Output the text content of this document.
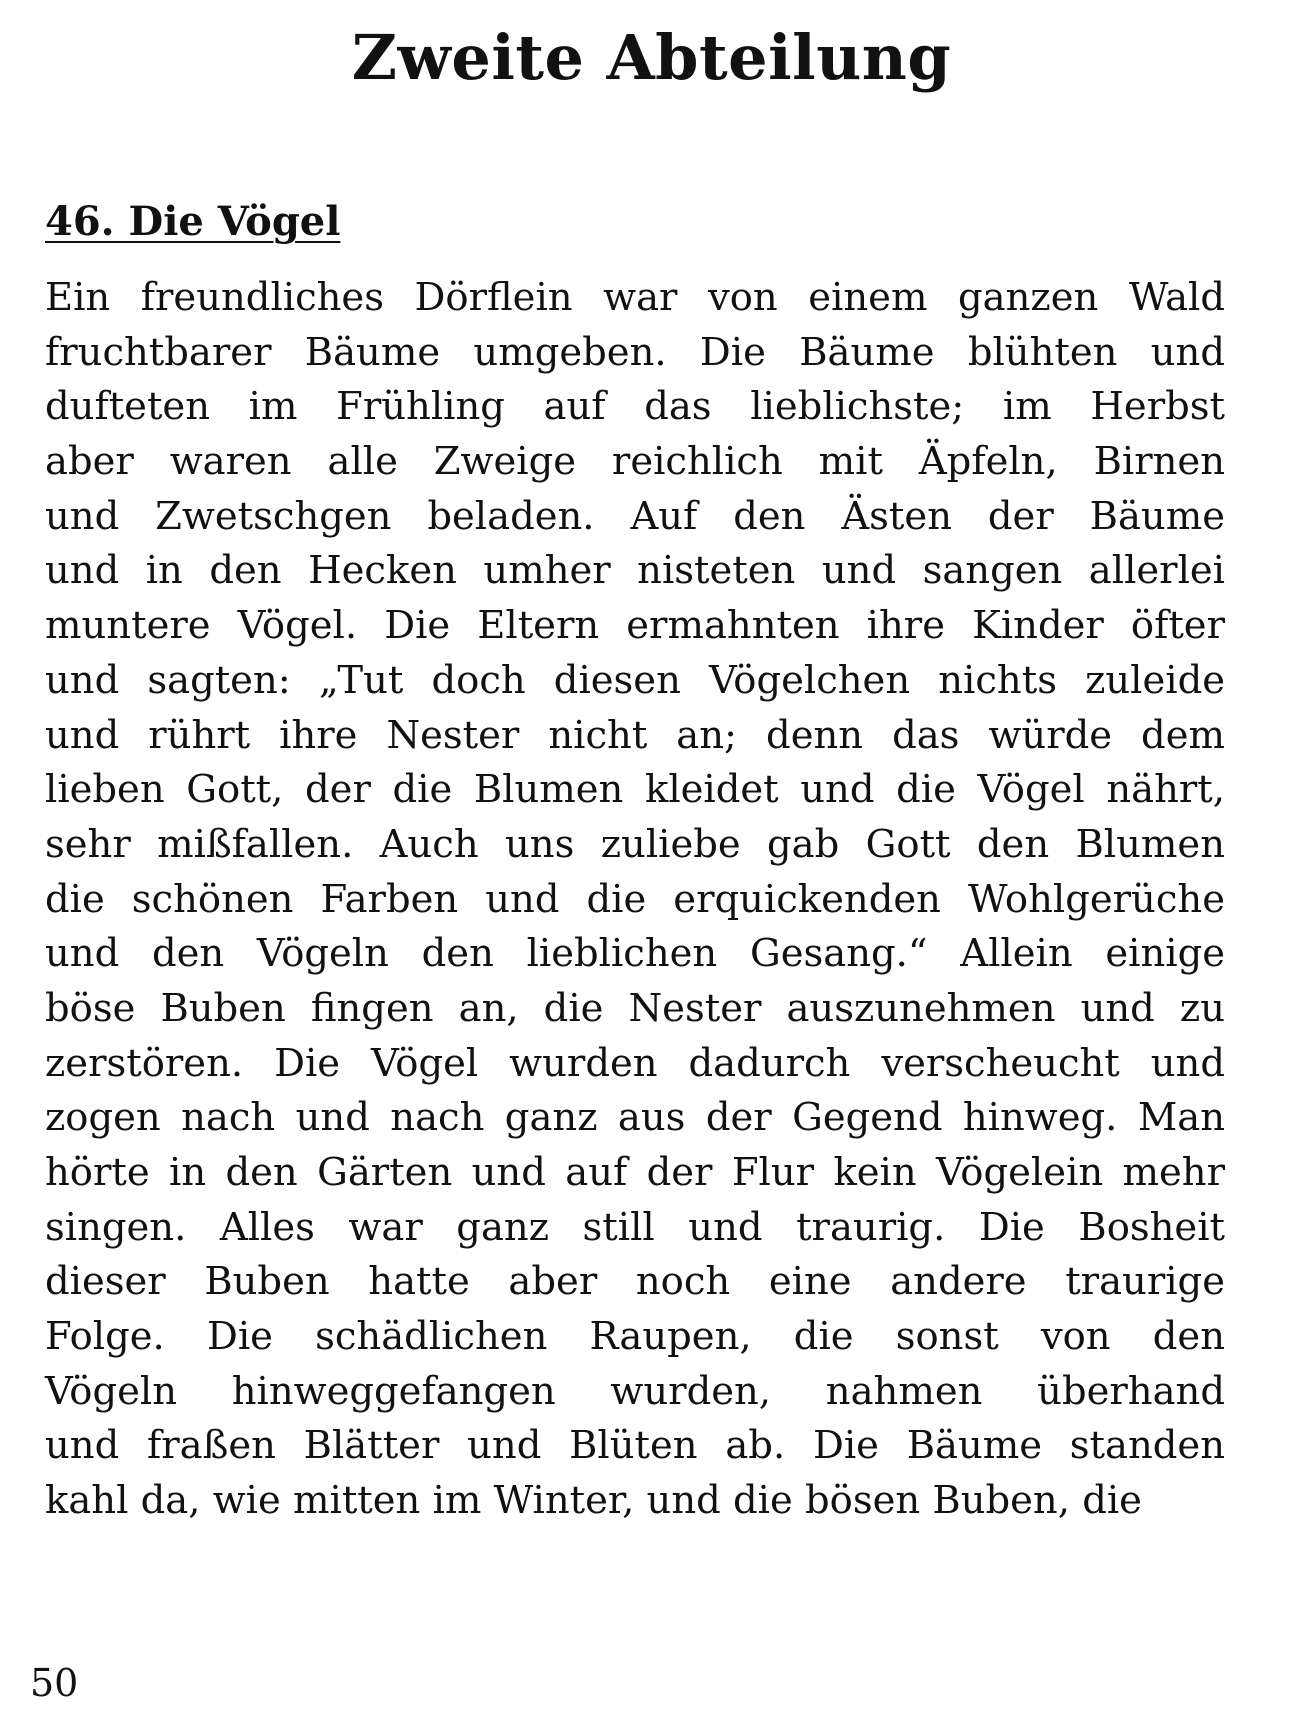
Zweite Abteilung
46. Die Vögel
Ein freundliches Dörflein war von einem ganzen Wald
fruchtbarer Bäume umgeben. Die Bäume blühten und
dufteten im Frühling auf das lieblichste; im Herbst
aber waren alle Zweige reichlich mit Äpfeln, Birnen
und Zwetschgen beladen. Auf den Ästen der Bäume
und in den Hecken umher nisteten und sangen allerlei
muntere Vögel. Die Eltern ermahnten ihre Kinder öfter
und sagten: „Tut doch diesen Vögelchen nichts zuleide
und rührt ihre Nester nicht an; denn das würde dem
lieben Gott, der die Blumen kleidet und die Vögel nährt,
sehr mißfallen. Auch uns zuliebe gab Gott den Blumen
die schönen Farben und die erquickenden Wohlgerüche
und den Vögeln den lieblichen Gesang.“ Allein einige
böse Buben fingen an, die Nester auszunehmen und zu
zerstören. Die Vögel wurden dadurch verscheucht und
zogen nach und nach ganz aus der Gegend hinweg. Man
hörte in den Gärten und auf der Flur kein Vögelein mehr
singen. Alles war ganz still und traurig. Die Bosheit
dieser Buben hatte aber noch eine andere traurige
Folge. Die schädlichen Raupen, die sonst von den
Vögeln hinweggefangen wurden, nahmen überhand
und fraßen Blätter und Blüten ab. Die Bäume standen
kahl da, wie mitten im Winter, und die bösen Buben, die
50
